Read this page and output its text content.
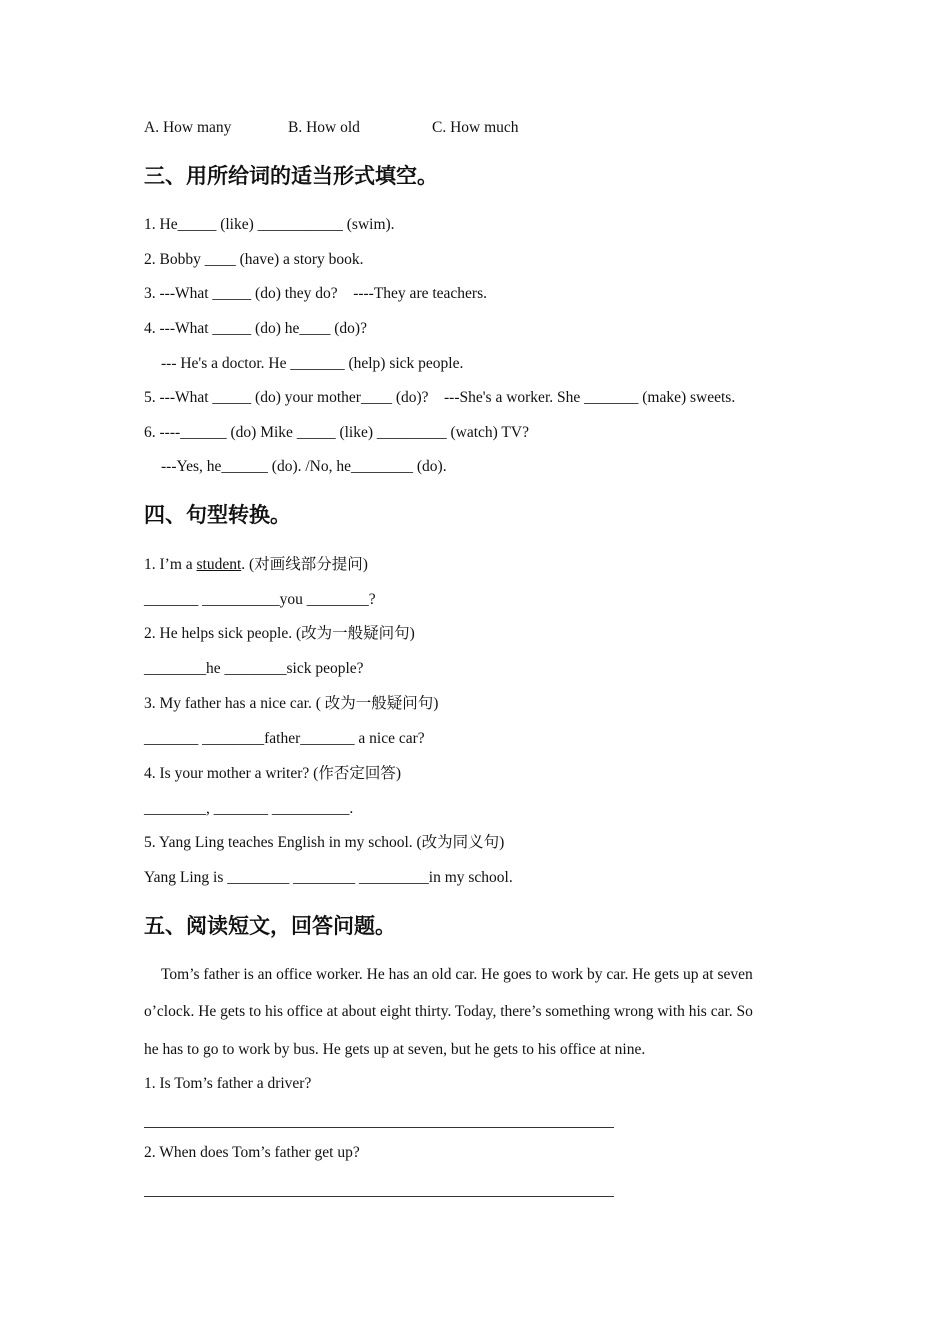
A. How many	B. How old	C. How much
三、用所给词的适当形式填空。
1. He_____ (like) ___________ (swim).
2. Bobby ____ (have) a story book.
3. ---What _____ (do) they do?    ----They are teachers.
4. ---What _____ (do) he____ (do)?
--- He's a doctor. He _______ (help) sick people.
5. ---What _____ (do) your mother____ (do)?    ---She's a worker. She _______ (make) sweets.
6. ----______ (do) Mike _____ (like) _________ (watch) TV?
---Yes, he______ (do). /No, he________ (do).
四、句型转换。
1. I’m a student. (对画线部分提问)
_______ __________you ________?
2. He helps sick people. (改为一般疑问句)
________he ________sick people?
3. My father has a nice car. ( 改为一般疑问句)
_______ ________father_______ a nice car?
4. Is your mother a writer? (作否定回答)
________, _______ __________.
5. Yang Ling teaches English in my school. (改为同义句)
Yang Ling is ________ ________ _________in my school.
五、阅读短文，回答问题。
Tom’s father is an office worker. He has an old car. He goes to work by car. He gets up at seven
o’clock. He gets to his office at about eight thirty. Today, there’s something wrong with his car. So
he has to go to work by bus. He gets up at seven, but he gets to his office at nine.
1. Is Tom’s father a driver?
2. When does Tom’s father get up?
